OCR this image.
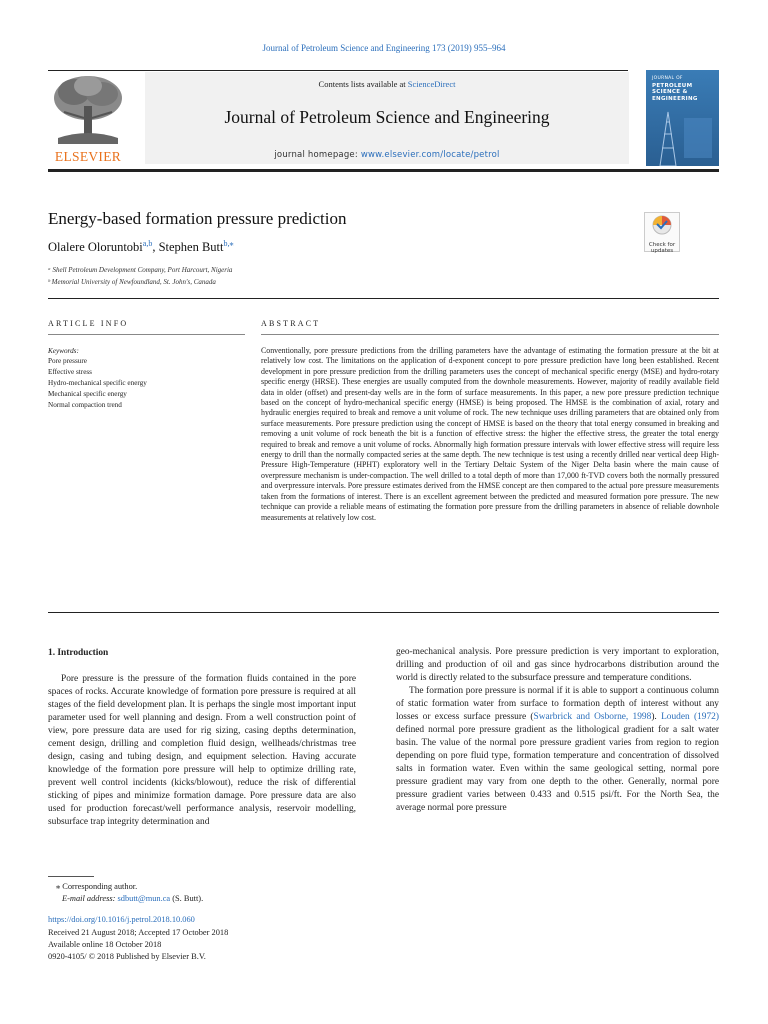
Journal of Petroleum Science and Engineering 173 (2019) 955–964
ELSEVIER
Contents lists available at ScienceDirect
Journal of Petroleum Science and Engineering
journal homepage: www.elsevier.com/locate/petrol
JOURNAL OF
PETROLEUM
SCIENCE &
ENGINEERING
Energy-based formation pressure prediction
Olalere Oloruntobi$^{a,b}$, Stephen Butt$^{b,⁎}$
ᵃ Shell Petroleum Development Company, Port Harcourt, Nigeria
ᵇ Memorial University of Newfoundland, St. John's, Canada
Check for updates
ARTICLE INFO
Keywords:
Pore pressure
Effective stress
Hydro-mechanical specific energy
Mechanical specific energy
Normal compaction trend
ABSTRACT
Conventionally, pore pressure predictions from the drilling parameters have the advantage of estimating the formation pressure at the bit at relatively low cost. The limitations on the application of d-exponent concept to pore pressure prediction have long been established. Recent development in pore pressure prediction from the drilling parameters uses the concept of mechanical specific energy (MSE) and hydro-rotary specific energy (HRSE). These energies are usually computed from the downhole measurements. However, majority of readily available field data in older (offset) and present-day wells are in the form of surface measurements. In this paper, a new pore pressure prediction technique based on the concept of hydro-mechanical specific energy (HMSE) is being proposed. The HMSE is the combination of axial, rotary and hydraulic energies required to break and remove a unit volume of rock. The new technique uses drilling parameters that are obtained only from surface measurements. Pore pressure prediction using the concept of HMSE is based on the theory that total energy consumed in breaking and removing a unit volume of rock beneath the bit is a function of effective stress: the higher the effective stress, the greater the total energy required to break and remove a unit volume of rocks. Abnormally high formation pressure intervals with lower effective stress will require less energy to drill than the normally compacted series at the same depth. The new technique is test using a recently drilled near vertical deep High-Pressure High-Temperature (HPHT) exploratory well in the Tertiary Deltaic System of the Niger Delta basin where the main cause of overpressure mechanism is under-compaction. The well drilled to a total depth of more than 17,000 ft-TVD covers both the normally pressured and overpressure intervals. Pore pressure estimates derived from the HMSE concept are then compared to the actual pore pressure measurements taken from the formations of interest. There is an excellent agreement between the predicted and measured formation pore pressure. The new technique can provide a reliable means of estimating the formation pore pressure from the drilling parameters in absence of reliable downhole measurements at relatively low cost.
1. Introduction

Pore pressure is the pressure of the formation fluids contained in the pore spaces of rocks. Accurate knowledge of formation pore pressure is required at all stages of the field development plan. It is perhaps the single most important input parameter used for well planning and design. From a well construction point of view, pore pressure data are used for rig sizing, casing depths determination, cement design, drilling and completion fluid design, wellheads/christmas tree design, casing and tubing design, and equipment selection. Having accurate knowledge of the formation pore pressure will help to optimize drilling rate, prevent well control incidents (kicks/blowout), reduce the risk of differential sticking of pipes and minimize formation damage. Pore pressure data are also used for production forecast/well performance analysis, reservoir modelling, subsurface trap integrity determination and

geo-mechanical analysis. Pore pressure prediction is very important to exploration, drilling and production of oil and gas since hydrocarbons distribution around the world is directly related to the subsurface pressure and temperature conditions.

The formation pore pressure is normal if it is able to support a continuous column of static formation water from surface to formation depth of interest without any losses or excess surface pressure (Swarbrick and Osborne, 1998). Louden (1972) defined normal pore pressure gradient as the lithological gradient for a salt water basin. The value of the normal pore pressure gradient varies from region to region depending on pore fluid type, formation temperature and concentration of dissolved salts in formation water. Even within the same geological setting, normal pore pressure gradient may vary from one depth to the other. Generally, normal pore pressure gradient varies between 0.433 and 0.515 psi/ft. For the North Sea, the average normal pore pressure

⁎ Corresponding author.
E-mail address: sdbutt@mun.ca (S. Butt).
https://doi.org/10.1016/j.petrol.2018.10.060
Received 21 August 2018; Accepted 17 October 2018
Available online 18 October 2018
0920-4105/ © 2018 Published by Elsevier B.V.
